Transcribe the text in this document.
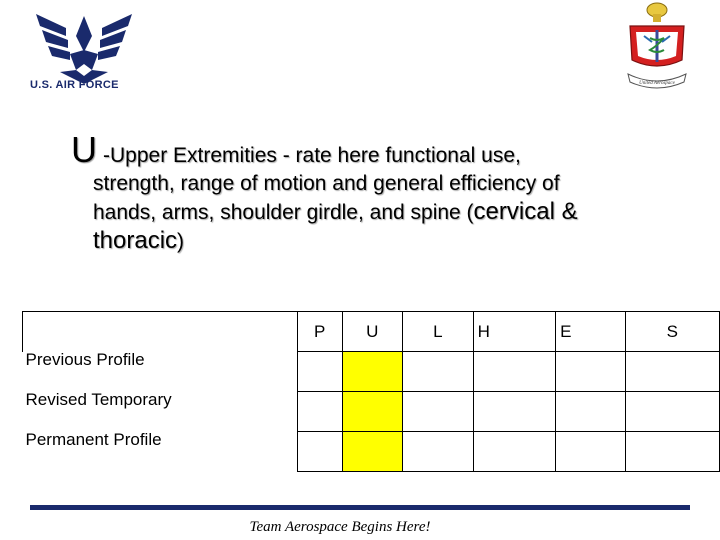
U.S. AIR FORCE	United Aerospace
U -Upper Extremities - rate here functional use,
strength, range of motion and general efficiency of
hands, arms, shoulder girdle, and spine (cervical &
thoracic)
	P	U	L	H	E	S

Previous Profile						

Revised Temporary						

Permanent Profile						

Team Aerospace Begins Here!
